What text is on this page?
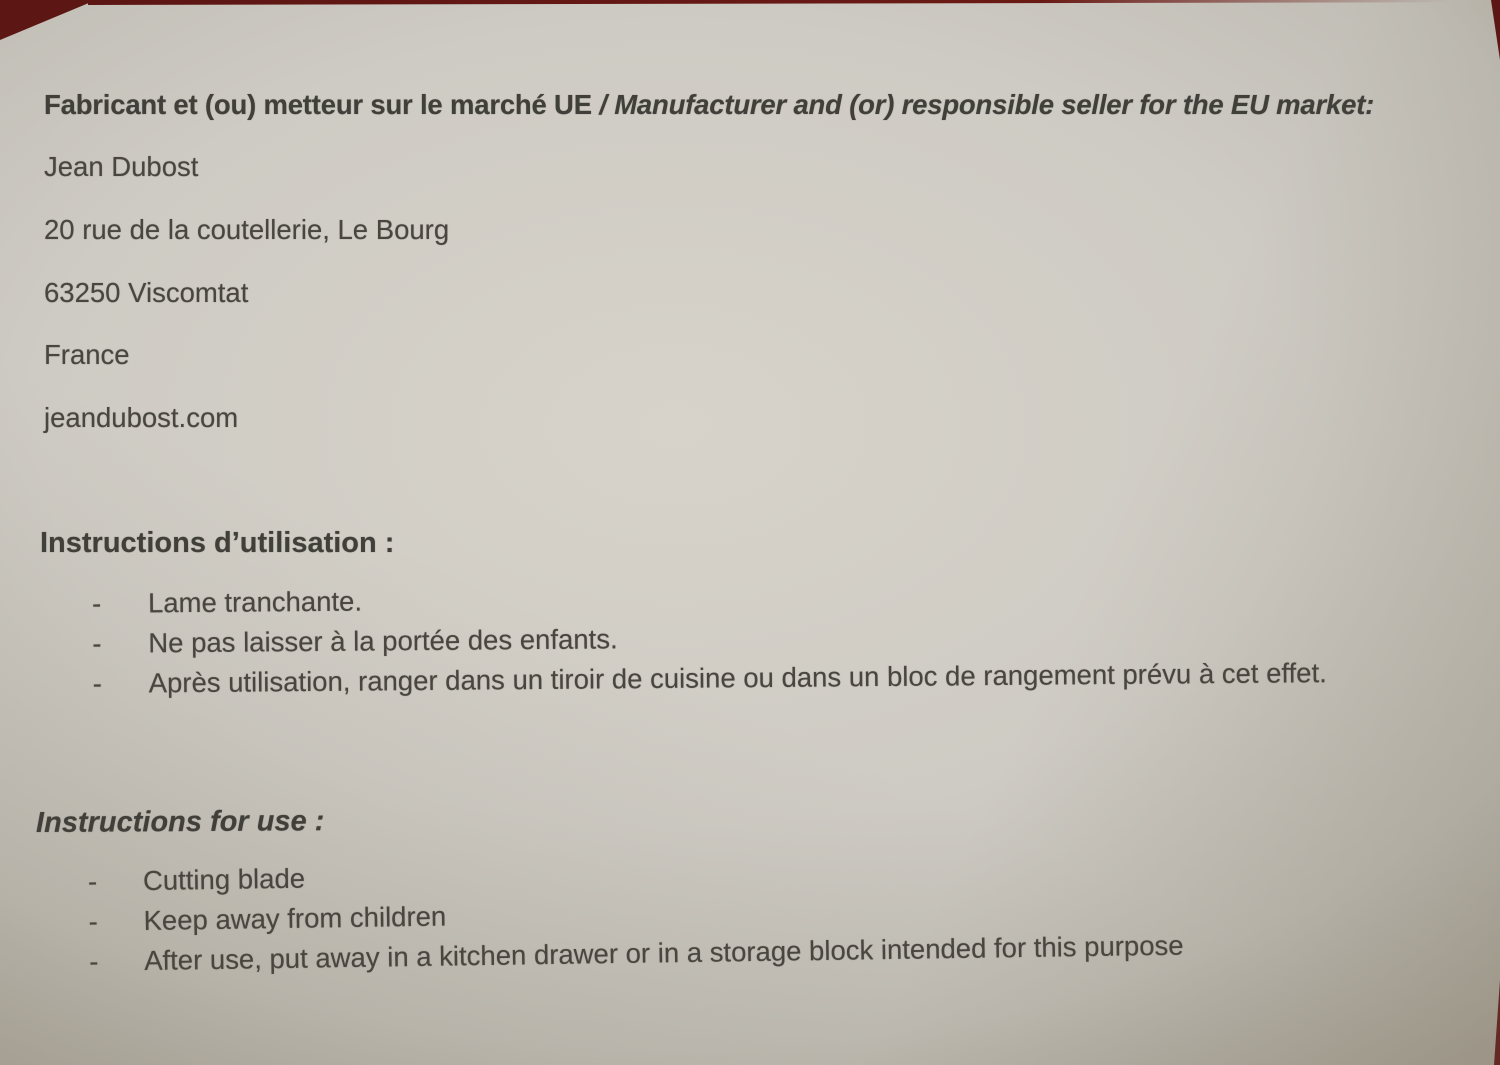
Fabricant et (ou) metteur sur le marché UE / Manufacturer and (or) responsible seller for the EU market:

Jean Dubost

20 rue de la coutellerie, Le Bourg

63250 Viscomtat

France

jeandubost.com

Instructions d’utilisation :
- Lame tranchante.
- Ne pas laisser à la portée des enfants.
- Après utilisation, ranger dans un tiroir de cuisine ou dans un bloc de rangement prévu à cet effet.
Instructions for use :
- Cutting blade
- Keep away from children
- After use, put away in a kitchen drawer or in a storage block intended for this purpose
